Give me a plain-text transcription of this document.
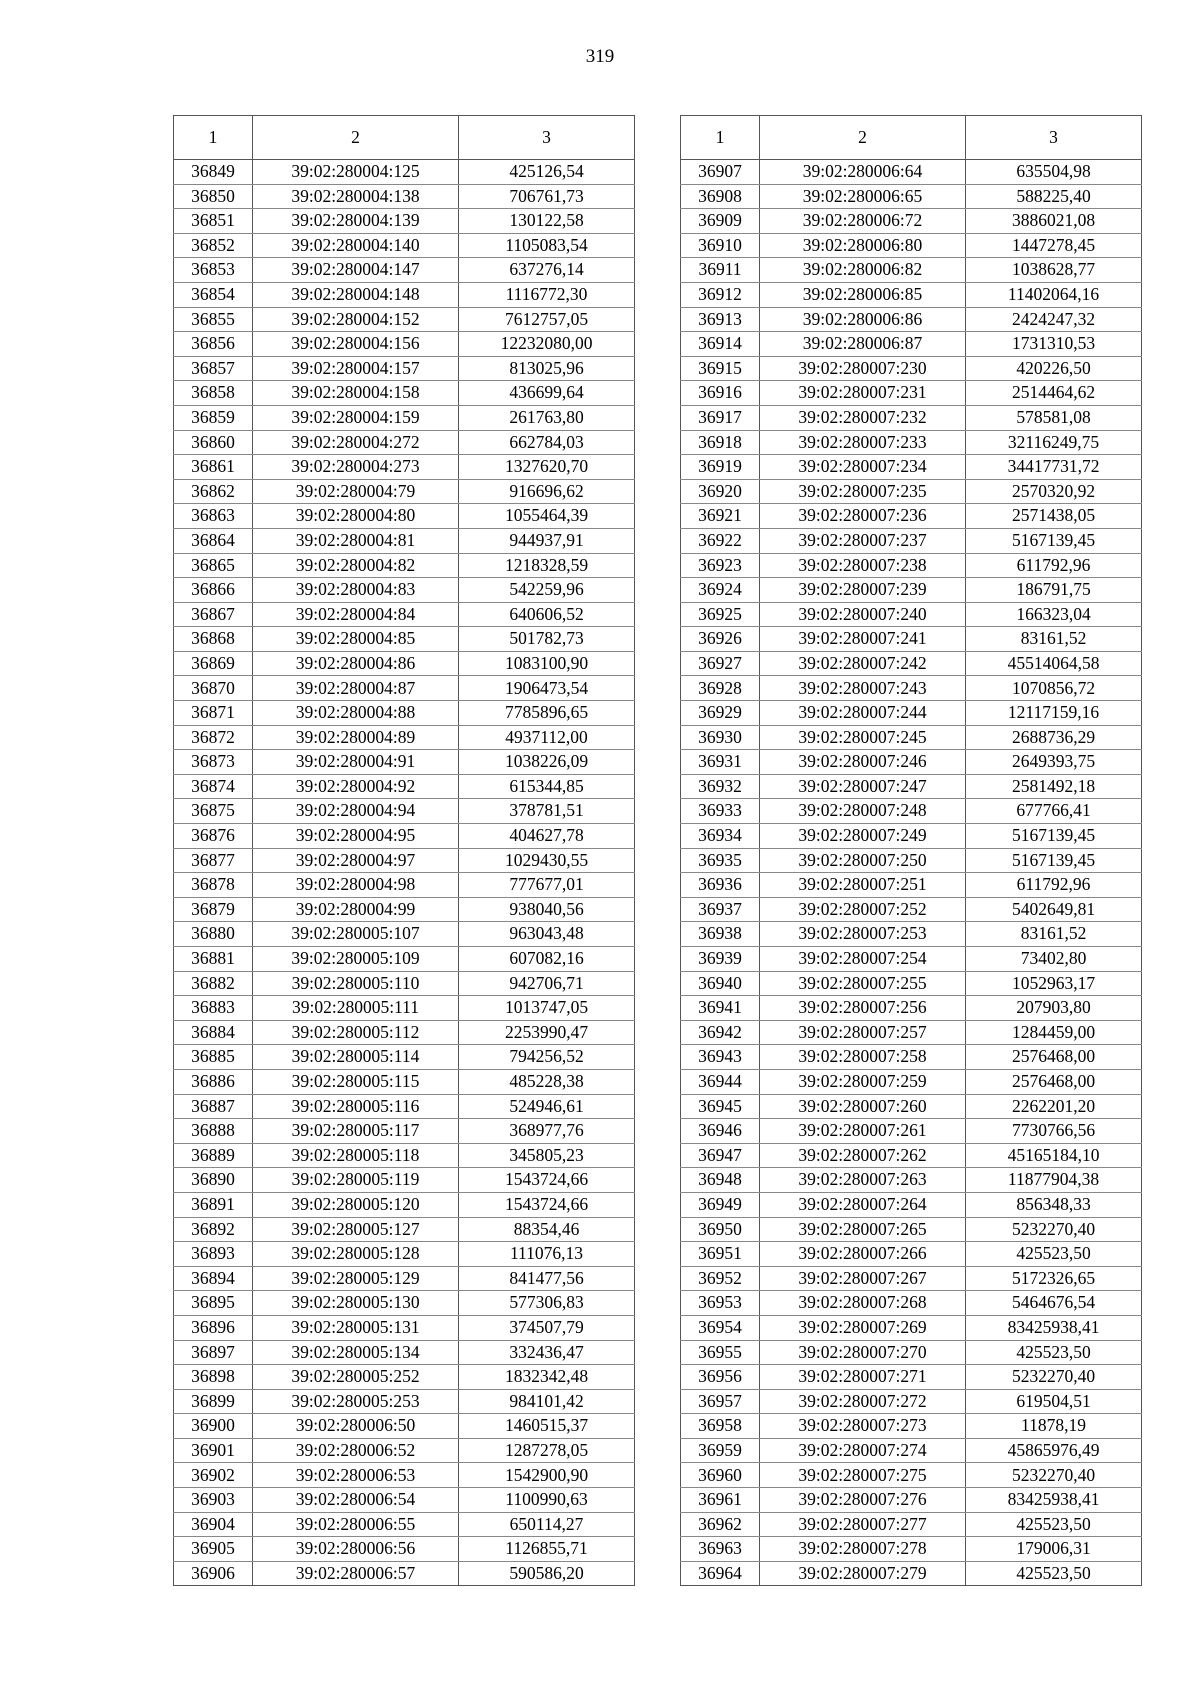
319
1	2	3
36849	39:02:280004:125	425126,54
36850	39:02:280004:138	706761,73
36851	39:02:280004:139	130122,58
36852	39:02:280004:140	1105083,54
36853	39:02:280004:147	637276,14
36854	39:02:280004:148	1116772,30
36855	39:02:280004:152	7612757,05
36856	39:02:280004:156	12232080,00
36857	39:02:280004:157	813025,96
36858	39:02:280004:158	436699,64
36859	39:02:280004:159	261763,80
36860	39:02:280004:272	662784,03
36861	39:02:280004:273	1327620,70
36862	39:02:280004:79	916696,62
36863	39:02:280004:80	1055464,39
36864	39:02:280004:81	944937,91
36865	39:02:280004:82	1218328,59
36866	39:02:280004:83	542259,96
36867	39:02:280004:84	640606,52
36868	39:02:280004:85	501782,73
36869	39:02:280004:86	1083100,90
36870	39:02:280004:87	1906473,54
36871	39:02:280004:88	7785896,65
36872	39:02:280004:89	4937112,00
36873	39:02:280004:91	1038226,09
36874	39:02:280004:92	615344,85
36875	39:02:280004:94	378781,51
36876	39:02:280004:95	404627,78
36877	39:02:280004:97	1029430,55
36878	39:02:280004:98	777677,01
36879	39:02:280004:99	938040,56
36880	39:02:280005:107	963043,48
36881	39:02:280005:109	607082,16
36882	39:02:280005:110	942706,71
36883	39:02:280005:111	1013747,05
36884	39:02:280005:112	2253990,47
36885	39:02:280005:114	794256,52
36886	39:02:280005:115	485228,38
36887	39:02:280005:116	524946,61
36888	39:02:280005:117	368977,76
36889	39:02:280005:118	345805,23
36890	39:02:280005:119	1543724,66
36891	39:02:280005:120	1543724,66
36892	39:02:280005:127	88354,46
36893	39:02:280005:128	111076,13
36894	39:02:280005:129	841477,56
36895	39:02:280005:130	577306,83
36896	39:02:280005:131	374507,79
36897	39:02:280005:134	332436,47
36898	39:02:280005:252	1832342,48
36899	39:02:280005:253	984101,42
36900	39:02:280006:50	1460515,37
36901	39:02:280006:52	1287278,05
36902	39:02:280006:53	1542900,90
36903	39:02:280006:54	1100990,63
36904	39:02:280006:55	650114,27
36905	39:02:280006:56	1126855,71
36906	39:02:280006:57	590586,20
1	2	3
36907	39:02:280006:64	635504,98
36908	39:02:280006:65	588225,40
36909	39:02:280006:72	3886021,08
36910	39:02:280006:80	1447278,45
36911	39:02:280006:82	1038628,77
36912	39:02:280006:85	11402064,16
36913	39:02:280006:86	2424247,32
36914	39:02:280006:87	1731310,53
36915	39:02:280007:230	420226,50
36916	39:02:280007:231	2514464,62
36917	39:02:280007:232	578581,08
36918	39:02:280007:233	32116249,75
36919	39:02:280007:234	34417731,72
36920	39:02:280007:235	2570320,92
36921	39:02:280007:236	2571438,05
36922	39:02:280007:237	5167139,45
36923	39:02:280007:238	611792,96
36924	39:02:280007:239	186791,75
36925	39:02:280007:240	166323,04
36926	39:02:280007:241	83161,52
36927	39:02:280007:242	45514064,58
36928	39:02:280007:243	1070856,72
36929	39:02:280007:244	12117159,16
36930	39:02:280007:245	2688736,29
36931	39:02:280007:246	2649393,75
36932	39:02:280007:247	2581492,18
36933	39:02:280007:248	677766,41
36934	39:02:280007:249	5167139,45
36935	39:02:280007:250	5167139,45
36936	39:02:280007:251	611792,96
36937	39:02:280007:252	5402649,81
36938	39:02:280007:253	83161,52
36939	39:02:280007:254	73402,80
36940	39:02:280007:255	1052963,17
36941	39:02:280007:256	207903,80
36942	39:02:280007:257	1284459,00
36943	39:02:280007:258	2576468,00
36944	39:02:280007:259	2576468,00
36945	39:02:280007:260	2262201,20
36946	39:02:280007:261	7730766,56
36947	39:02:280007:262	45165184,10
36948	39:02:280007:263	11877904,38
36949	39:02:280007:264	856348,33
36950	39:02:280007:265	5232270,40
36951	39:02:280007:266	425523,50
36952	39:02:280007:267	5172326,65
36953	39:02:280007:268	5464676,54
36954	39:02:280007:269	83425938,41
36955	39:02:280007:270	425523,50
36956	39:02:280007:271	5232270,40
36957	39:02:280007:272	619504,51
36958	39:02:280007:273	11878,19
36959	39:02:280007:274	45865976,49
36960	39:02:280007:275	5232270,40
36961	39:02:280007:276	83425938,41
36962	39:02:280007:277	425523,50
36963	39:02:280007:278	179006,31
36964	39:02:280007:279	425523,50
